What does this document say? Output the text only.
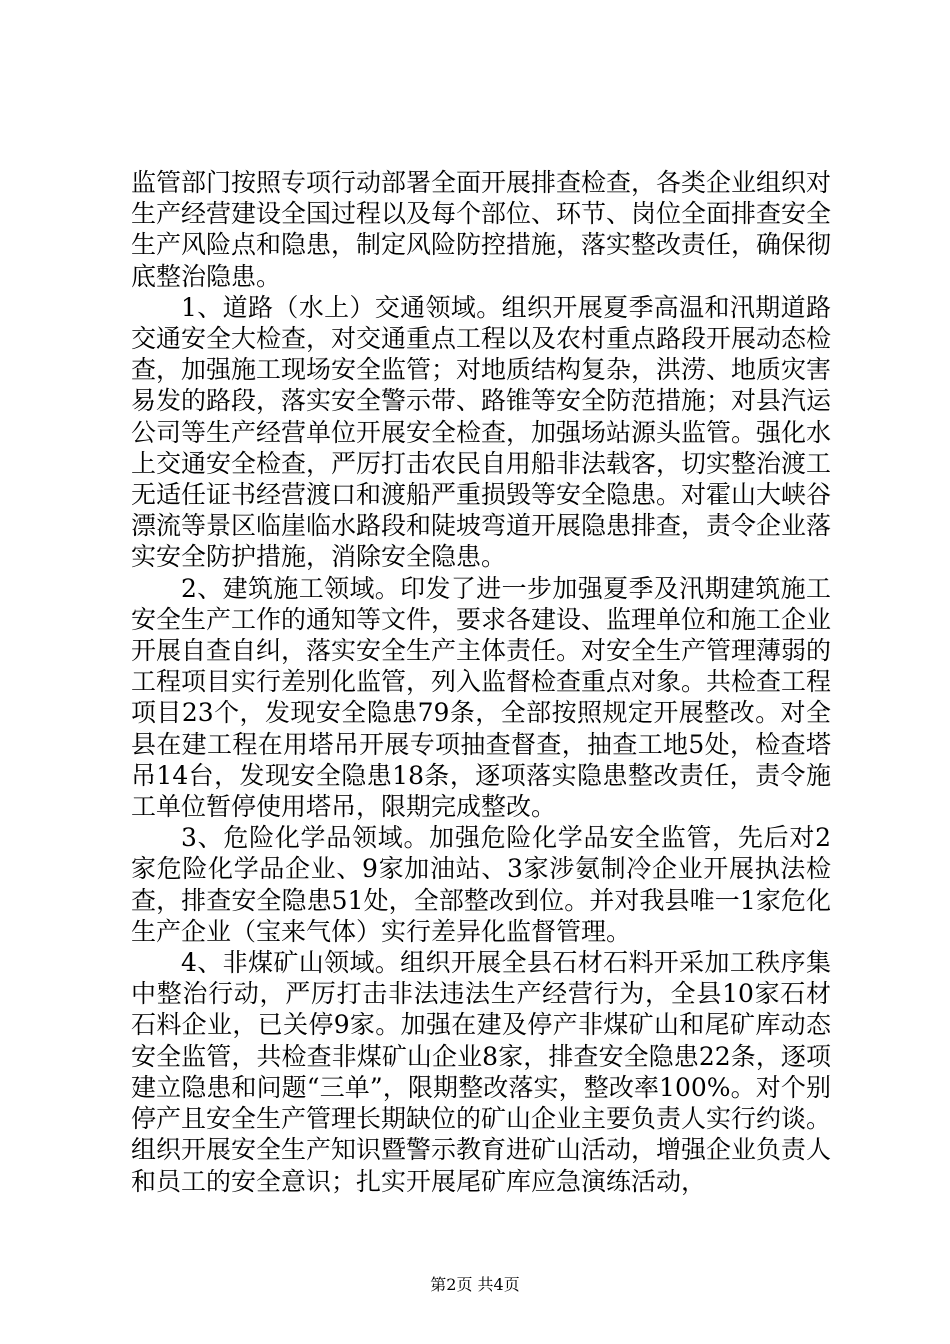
监管部门按照专项行动部署全面开展排查检查，各类企业组织对生产经营建设全国过程以及每个部位、环节、岗位全面排查安全生产风险点和隐患，制定风险防控措施，落实整改责任，确保彻底整治隐患。

1、道路（水上）交通领域。组织开展夏季高温和汛期道路交通安全大检查，对交通重点工程以及农村重点路段开展动态检查，加强施工现场安全监管；对地质结构复杂，洪涝、地质灾害易发的路段，落实安全警示带、路锥等安全防范措施；对县汽运公司等生产经营单位开展安全检查，加强场站源头监管。强化水上交通安全检查，严厉打击农民自用船非法载客，切实整治渡工无适任证书经营渡口和渡船严重损毁等安全隐患。对霍山大峡谷漂流等景区临崖临水路段和陡坡弯道开展隐患排查，责令企业落实安全防护措施，消除安全隐患。

2、建筑施工领域。印发了进一步加强夏季及汛期建筑施工安全生产工作的通知等文件，要求各建设、监理单位和施工企业开展自查自纠，落实安全生产主体责任。对安全生产管理薄弱的工程项目实行差别化监管，列入监督检查重点对象。共检查工程项目23个，发现安全隐患79条，全部按照规定开展整改。对全县在建工程在用塔吊开展专项抽查督查，抽查工地5处，检查塔吊14台，发现安全隐患18条，逐项落实隐患整改责任，责令施工单位暂停使用塔吊，限期完成整改。

3、危险化学品领域。加强危险化学品安全监管，先后对2家危险化学品企业、9家加油站、3家涉氨制冷企业开展执法检查，排查安全隐患51处，全部整改到位。并对我县唯一1家危化生产企业（宝来气体）实行差异化监督管理。

4、非煤矿山领域。组织开展全县石材石料开采加工秩序集中整治行动，严厉打击非法违法生产经营行为，全县10家石材石料企业，已关停9家。加强在建及停产非煤矿山和尾矿库动态安全监管，共检查非煤矿山企业8家，排查安全隐患22条，逐项建立隐患和问题“三单”，限期整改落实，整改率100%。对个别停产且安全生产管理长期缺位的矿山企业主要负责人实行约谈。组织开展安全生产知识暨警示教育进矿山活动，增强企业负责人和员工的安全意识；扎实开展尾矿库应急演练活动，

第2页 共4页
